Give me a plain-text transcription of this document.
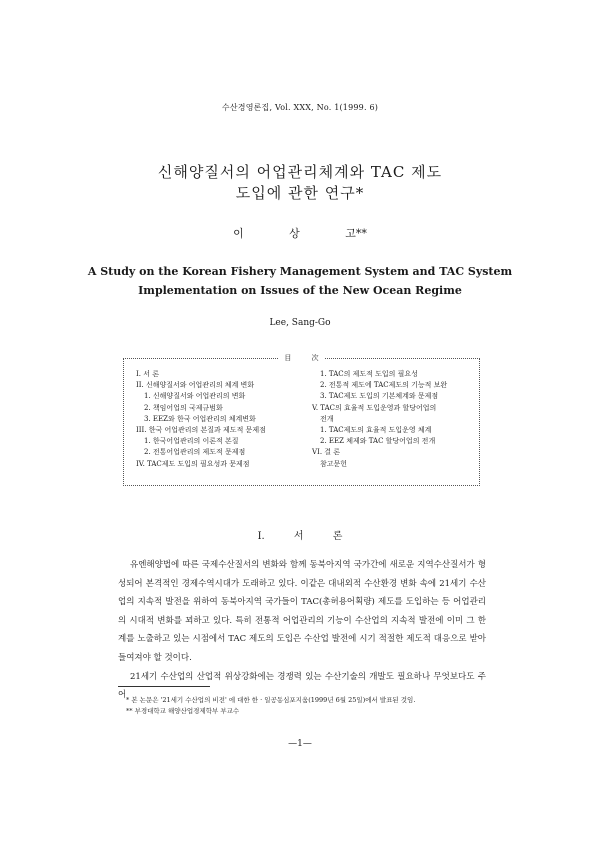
수산경영론집, Vol. XXX, No. 1(1999. 6)
신해양질서의 어업관리체계와 TAC 제도
도입에 관한 연구*
이 상 고**
A Study on the Korean Fishery Management System and TAC System
Implementation on Issues of the New Ocean Regime
Lee, Sang-Go
目 次
I. 서 론
II. 신해양질서와 어업관리의 체계 변화
1. 신해양질서와 어업관리의 변화
2. 책임어업의 국제규범화
3. EEZ와 한국 어업관리의 체계변화
III. 한국 어업관리의 본질과 제도적 문제점
1. 한국어업관리의 이론적 본질
2. 전통어업관리의 제도적 문제점
IV. TAC제도 도입의 필요성과 문제점
1. TAC의 제도적 도입의 필요성
2. 전통적 제도에 TAC제도의 기능적 보완
3. TAC제도 도입의 기본체계와 문제점
V. TAC의 효율적 도입운영과 할당어업의
전개
1. TAC제도의 효율적 도입운영 체계
2. EEZ 체제와 TAC 할당어업의 전개
VI. 결 론
참고문헌
I. 서 론

유엔해양법에 따른 국제수산질서의 변화와 함께 동북아지역 국가간에 새로운 지역수산질서가 형성되어 본격적인 경제수역시대가 도래하고 있다. 이같은 대내외적 수산환경 변화 속에 21세기 수산업의 지속적 발전을 위하여 동북아지역 국가들이 TAC(총허용어획량) 제도를 도입하는 등 어업관리의 시대적 변화를 꾀하고 있다. 특히 전통적 어업관리의 기능이 수산업의 지속적 발전에 이미 그 한계를 노출하고 있는 시점에서 TAC 제도의 도입은 수산업 발전에 시기 적절한 제도적 대응으로 받아들여져야 할 것이다.

21세기 수산업의 산업적 위상강화에는 경쟁력 있는 수산기술의 개발도 필요하나 무엇보다도 주어 * 본 논문은 '21세기 수산업의 비전' 에 대한 한 · 일공동심포지움(1999년 6월 25일)에서 발표된 것임.
** 부경대학교 해양산업경제학부 부교수
—1—
